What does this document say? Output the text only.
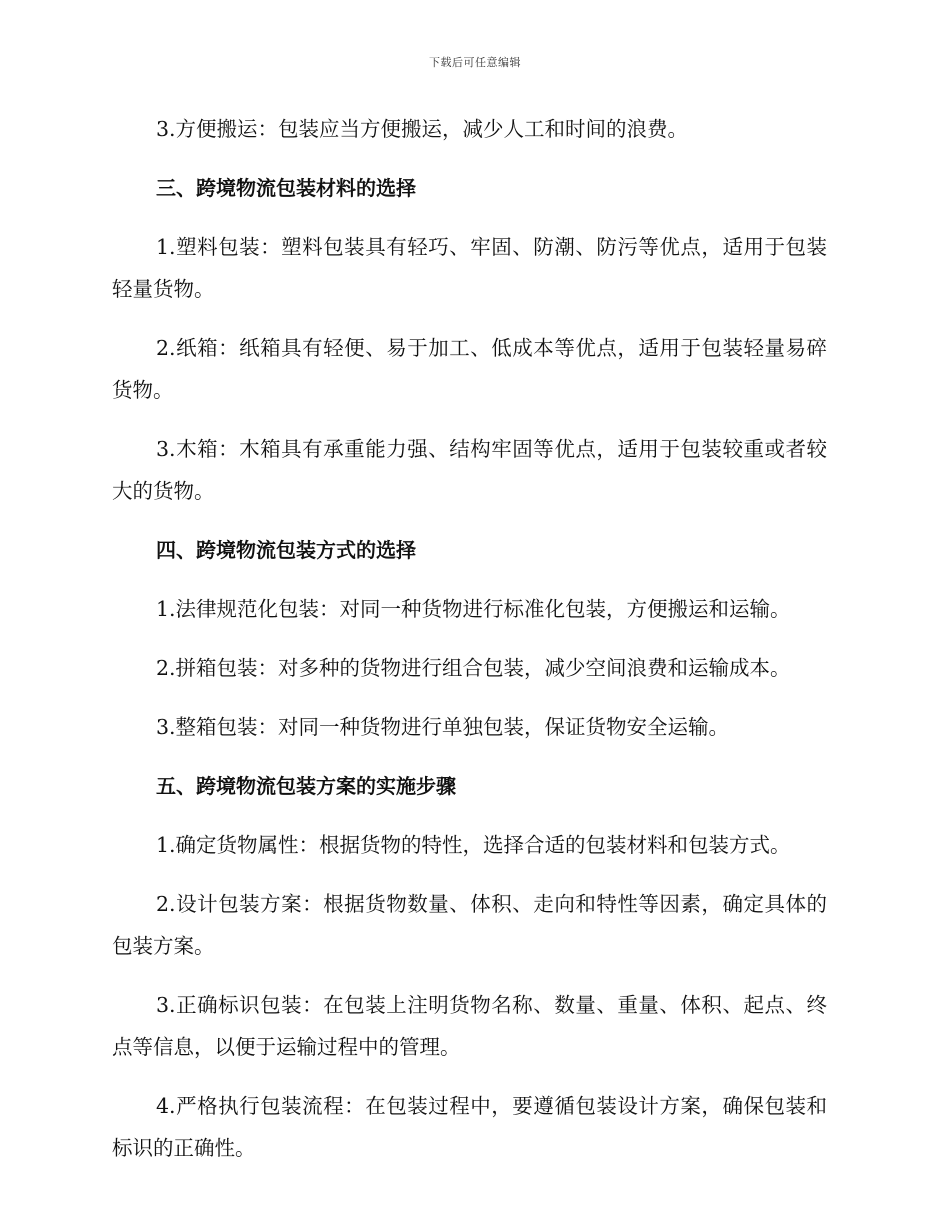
下载后可任意编辑

3.方便搬运：包装应当方便搬运，减少人工和时间的浪费。

三、跨境物流包装材料的选择

1.塑料包装：塑料包装具有轻巧、牢固、防潮、防污等优点，适用于包装轻量货物。

2.纸箱：纸箱具有轻便、易于加工、低成本等优点，适用于包装轻量易碎货物。

3.木箱：木箱具有承重能力强、结构牢固等优点，适用于包装较重或者较大的货物。

四、跨境物流包装方式的选择

1.法律规范化包装：对同一种货物进行标准化包装，方便搬运和运输。

2.拼箱包装：对多种的货物进行组合包装，减少空间浪费和运输成本。

3.整箱包装：对同一种货物进行单独包装，保证货物安全运输。

五、跨境物流包装方案的实施步骤

1.确定货物属性：根据货物的特性，选择合适的包装材料和包装方式。

2.设计包装方案：根据货物数量、体积、走向和特性等因素，确定具体的包装方案。

3.正确标识包装：在包装上注明货物名称、数量、重量、体积、起点、终点等信息，以便于运输过程中的管理。

4.严格执行包装流程：在包装过程中，要遵循包装设计方案，确保包装和标识的正确性。
